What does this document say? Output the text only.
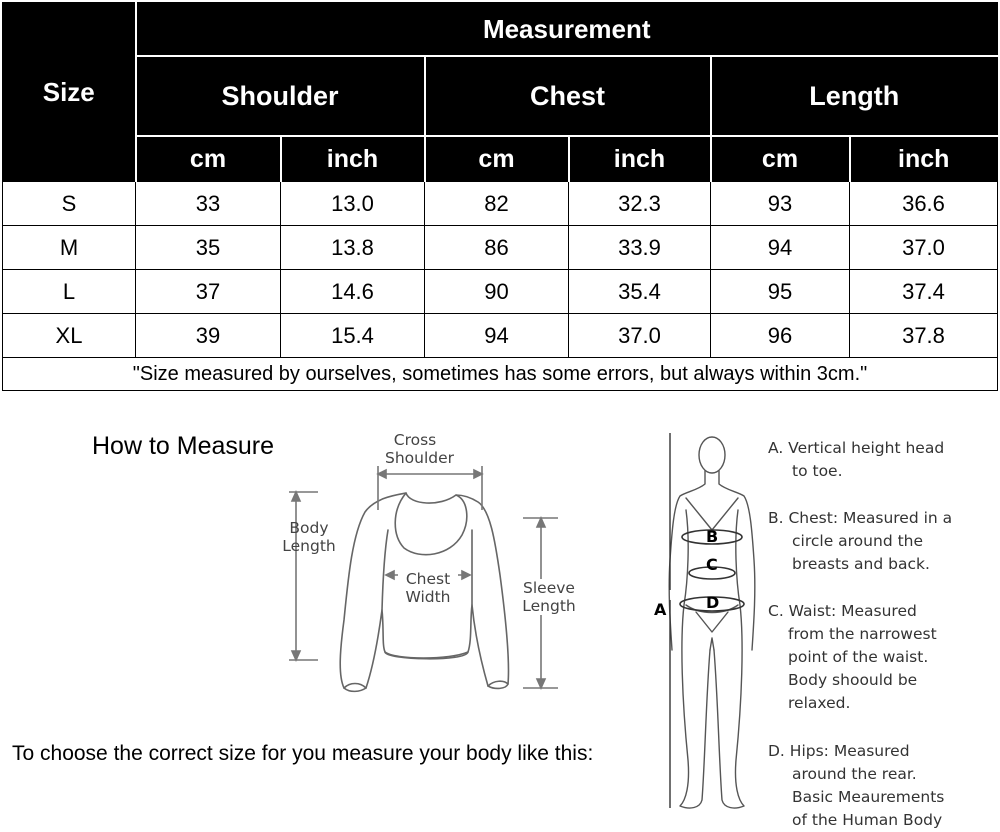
Size	Measurement					
	Shoulder		Chest		Length	
	cm	inch	cm	inch	cm	inch
S	33	13.0	82	32.3	93	36.6
M	35	13.8	86	33.9	94	37.0
L	37	14.6	90	35.4	95	37.4
XL	39	15.4	94	37.0	96	37.8
"Size measured by ourselves, sometimes has some errors, but always within 3cm."						
How to Measure
To choose the correct size for you measure your body like this:
Cross
Shoulder
Body
Length
Chest
Width	Sleeve
Length	A
B
C
D
A. Vertical height head
to toe.
B. Chest: Measured in a
circle around the
breasts and back.
C. Waist: Measured
from the narrowest
point of the waist.
Body shoould be
relaxed.
D. Hips: Measured
around the rear.
Basic Meaurements
of the Human Body
